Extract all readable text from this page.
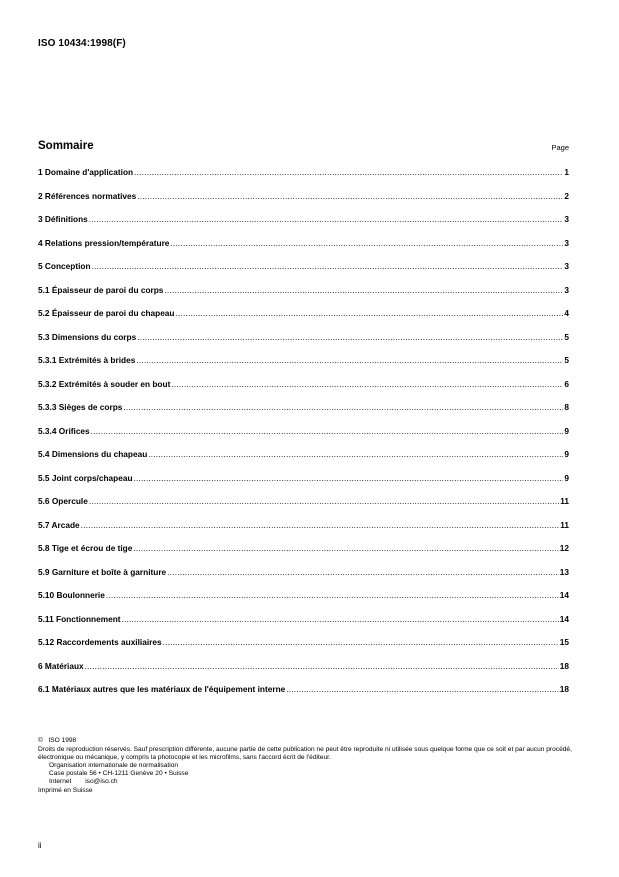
ISO 10434:1998(F)
Sommaire	Page
1 Domaine d'application .....	1
2 Références normatives .....	2
3 Définitions .....	3
4 Relations pression/température .....	3
5 Conception .....	3
5.1 Épaisseur de paroi du corps .....	3
5.2 Épaisseur de paroi du chapeau .....	4
5.3 Dimensions du corps .....	5
5.3.1 Extrémités à brides .....	5
5.3.2 Extrémités à souder en bout .....	6
5.3.3 Sièges de corps .....	8
5.3.4 Orifices .....	9
5.4 Dimensions du chapeau .....	9
5.5 Joint corps/chapeau .....	9
5.6 Opercule .....	11
5.7 Arcade .....	11
5.8 Tige et écrou de tige .....	12
5.9 Garniture et boîte à garniture .....	13
5.10 Boulonnerie .....	14
5.11 Fonctionnement .....	14
5.12 Raccordements auxiliaires .....	15
6 Matériaux .....	18
6.1 Matériaux autres que les matériaux de l'équipement interne .....	18

© ISO 1998

Droits de reproduction réservés. Sauf prescription différente, aucune partie de cette publication ne peut être reproduite ni utilisée sous quelque forme que ce soit et par aucun procédé, électronique ou mécanique, y compris la photocopie et les microfilms, sans l'accord écrit de l'éditeur.

Organisation internationale de normalisation

Case postale 56 • CH-1211 Genève 20 • Suisse

Internet iso@iso.ch

Imprimé en Suisse

ii
